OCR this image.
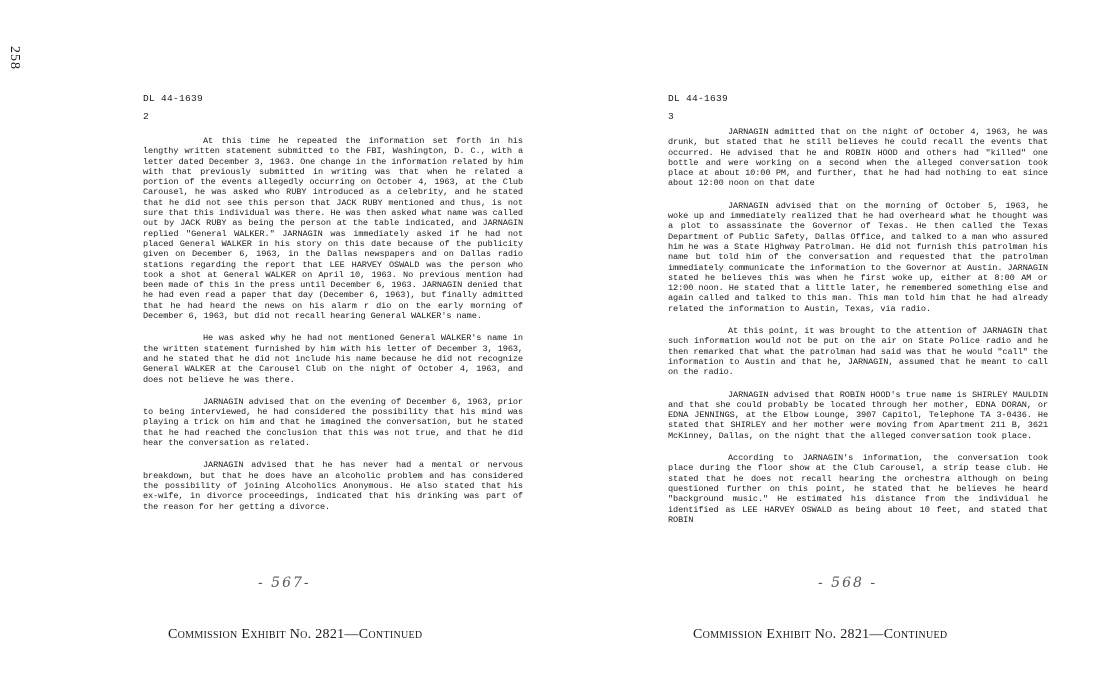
258
DL 44-1639
2

At this time he repeated the information set forth in his lengthy written statement submitted to the FBI, Washington, D. C., with a letter dated December 3, 1963. One change in the information related by him with that previously submitted in writing was that when he related a portion of the events allegedly occurring on October 4, 1963, at the Club Carousel, he was asked who RUBY introduced as a celebrity, and he stated that he did not see this person that JACK RUBY mentioned and thus, is not sure that this individual was there. He was then asked what name was called out by JACK RUBY as being the person at the table indicated, and JARNAGIN replied "General WALKER." JARNAGIN was immediately asked if he had not placed General WALKER in his story on this date because of the publicity given on December 6, 1963, in the Dallas newspapers and on Dallas radio stations regarding the report that LEE HARVEY OSWALD was the person who took a shot at General WALKER on April 10, 1963. No previous mention had been made of this in the press until December 6, 1963. JARNAGIN denied that he had even read a paper that day (December 6, 1963), but finally admitted that he had heard the news on his alarm r dio on the early morning of December 6, 1963, but did not recall hearing General WALKER's name.

He was asked why he had not mentioned General WALKER's name in the written statement furnished by him with his letter of December 3, 1963, and he stated that he did not include his name because he did not recognize General WALKER at the Carousel Club on the night of October 4, 1963, and does not believe he was there.

JARNAGIN advised that on the evening of December 6, 1963, prior to being interviewed, he had considered the possibility that his mind was playing a trick on him and that he imagined the conversation, but he stated that he had reached the conclusion that this was not true, and that he did hear the conversation as related.

JARNAGIN advised that he has never had a mental or nervous breakdown, but that he does have an alcoholic problem and has considered the possibility of joining Alcoholics Anonymous. He also stated that his ex-wife, in divorce proceedings, indicated that his drinking was part of the reason for her getting a divorce.

- 567-
Commission Exhibit No. 2821—Continued
DL 44-1639
3

JARNAGIN admitted that on the night of October 4, 1963, he was drunk, but stated that he still believes he could recall the events that occurred. He advised that he and ROBIN HOOD and others had "killed" one bottle and were working on a second when the alleged conversation took place at about 10:00 PM, and further, that he had had nothing to eat since about 12:00 noon on that date

JARNAGIN advised that on the morning of October 5, 1963, he woke up and immediately realized that he had overheard what he thought was a plot to assassinate the Governor of Texas. He then called the Texas Department of Public Safety, Dallas Office, and talked to a man who assured him he was a State Highway Patrolman. He did not furnish this patrolman his name but told him of the conversation and requested that the patrolman immediately communicate the information to the Governor at Austin. JARNAGIN stated he believes this was when he first woke up, either at 8:00 AM or 12:00 noon. He stated that a little later, he remembered something else and again called and talked to this man. This man told him that he had already related the information to Austin, Texas, via radio.

At this point, it was brought to the attention of JARNAGIN that such information would not be put on the air on State Police radio and he then remarked that what the patrolman had said was that he would "call" the information to Austin and that he, JARNAGIN, assumed that he meant to call on the radio.

JARNAGIN advised that ROBIN HOOD's true name is SHIRLEY MAULDIN and that she could probably be located through her mother, EDNA DORAN, or EDNA JENNINGS, at the Elbow Lounge, 3907 Capitol, Telephone TA 3-0436. He stated that SHIRLEY and her mother were moving from Apartment 211 B, 3621 McKinney, Dallas, on the night that the alleged conversation took place.

According to JARNAGIN's information, the conversation took place during the floor show at the Club Carousel, a strip tease club. He stated that he does not recall hearing the orchestra although on being questioned further on this point, he stated that he believes he heard "background music." He estimated his distance from the individual he identified as LEE HARVEY OSWALD as being about 10 feet, and stated that ROBIN

- 568 -
Commission Exhibit No. 2821—Continued
